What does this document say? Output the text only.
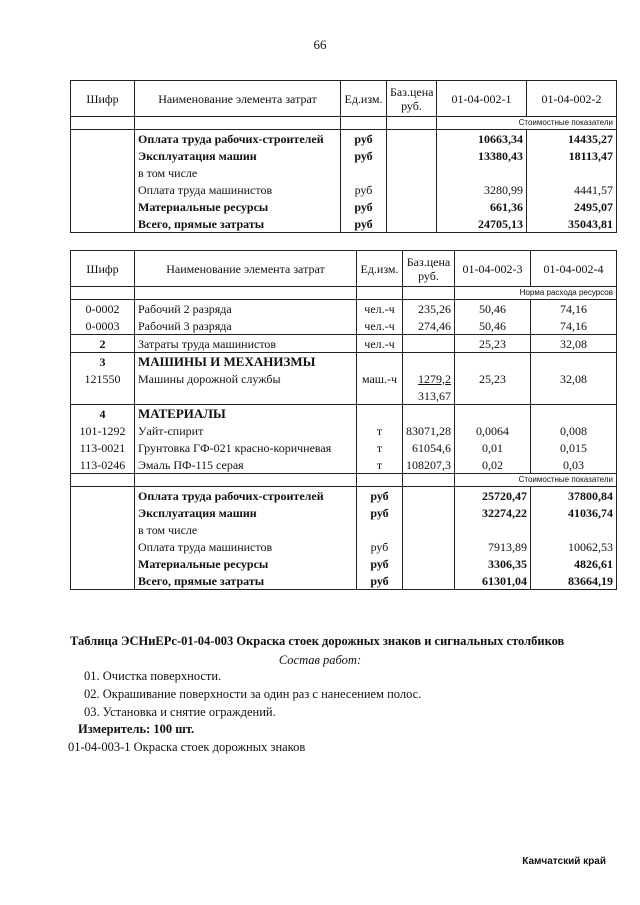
66
Шифр	Наименование элемента затрат	Ед.изм.	Баз.цена руб.	01-04-002-1	01-04-002-2
				Стоимостные показатели	
	Оплата труда рабочих-строителей	руб		10663,34	14435,27
	Эксплуатация машин	руб		13380,43	18113,47
	в том числе				
	Оплата труда машинистов	руб		3280,99	4441,57
	Материальные ресурсы	руб		661,36	2495,07
	Всего, прямые затраты	руб		24705,13	35043,81
Шифр	Наименование элемента затрат	Ед.изм.	Баз.цена руб.	01-04-002-3	01-04-002-4
				Норма расхода ресурсов	
0-0002	Рабочий 2 разряда	чел.-ч	235,26	50,46	74,16
0-0003	Рабочий 3 разряда	чел.-ч	274,46	50,46	74,16
2	Затраты труда машинистов	чел.-ч		25,23	32,08
3	МАШИНЫ И МЕХАНИЗМЫ				
121550	Машины дорожной службы	маш.-ч	1279,2	25,23	32,08
			313,67		
4	МАТЕРИАЛЫ				
101-1292	Уайт-спирит	т	83071,28	0,0064	0,008
113-0021	Грунтовка ГФ-021 красно-коричневая	т	61054,6	0,01	0,015
113-0246	Эмаль ПФ-115 серая	т	108207,3	0,02	0,03
				Стоимостные показатели	
	Оплата труда рабочих-строителей	руб		25720,47	37800,84
	Эксплуатация машин	руб		32274,22	41036,74
	в том числе				
	Оплата труда машинистов	руб		7913,89	10062,53
	Материальные ресурсы	руб		3306,35	4826,61
	Всего, прямые затраты	руб		61301,04	83664,19
Таблица ЭСНиЕРс-01-04-003 Окраска стоек дорожных знаков и сигнальных столбиков
Состав работ:
01. Очистка поверхности.
02. Окрашивание поверхности за один раз с нанесением полос.
03. Установка и снятие ограждений.
Измеритель: 100 шт.
01-04-003-1 Окраска стоек дорожных знаков
Камчатский край
